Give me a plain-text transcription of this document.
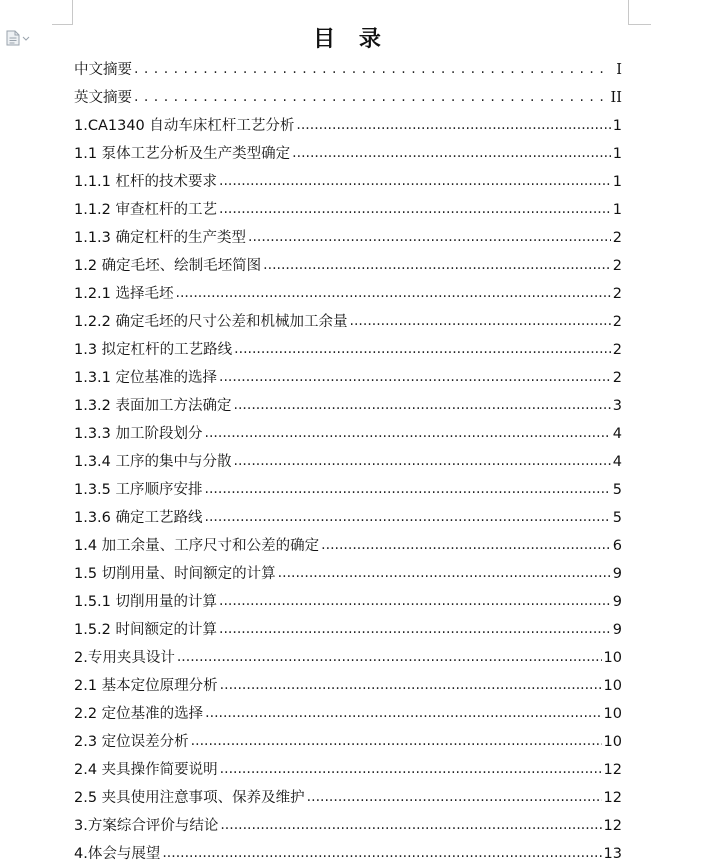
目 录
中文摘要 . . .	I
英文摘要 . . .	II
1.CA1340 自动车床杠杆工艺分析 .....	1
1.1 泵体工艺分析及生产类型确定 .....	1
1.1.1 杠杆的技术要求 .....	1
1.1.2 审查杠杆的工艺 .....	1
1.1.3 确定杠杆的生产类型 .....	2
1.2 确定毛坯、绘制毛坯简图 .....	2
1.2.1 选择毛坯 .....	2
1.2.2 确定毛坯的尺寸公差和机械加工余量 .....	2
1.3 拟定杠杆的工艺路线 .....	2
1.3.1 定位基准的选择 .....	2
1.3.2 表面加工方法确定 .....	3
1.3.3 加工阶段划分 .....	4
1.3.4 工序的集中与分散 .....	4
1.3.5 工序顺序安排 .....	5
1.3.6 确定工艺路线 .....	5
1.4 加工余量、工序尺寸和公差的确定 .....	6
1.5 切削用量、时间额定的计算 .....	9
1.5.1 切削用量的计算 .....	9
1.5.2 时间额定的计算 .....	9
2.专用夹具设计 .....	10
2.1 基本定位原理分析 .....	10
2.2 定位基准的选择 .....	10
2.3 定位误差分析 .....	10
2.4 夹具操作简要说明 .....	12
2.5 夹具使用注意事项、保养及维护 .....	12
3.方案综合评价与结论 .....	12
4.体会与展望 .....	13
